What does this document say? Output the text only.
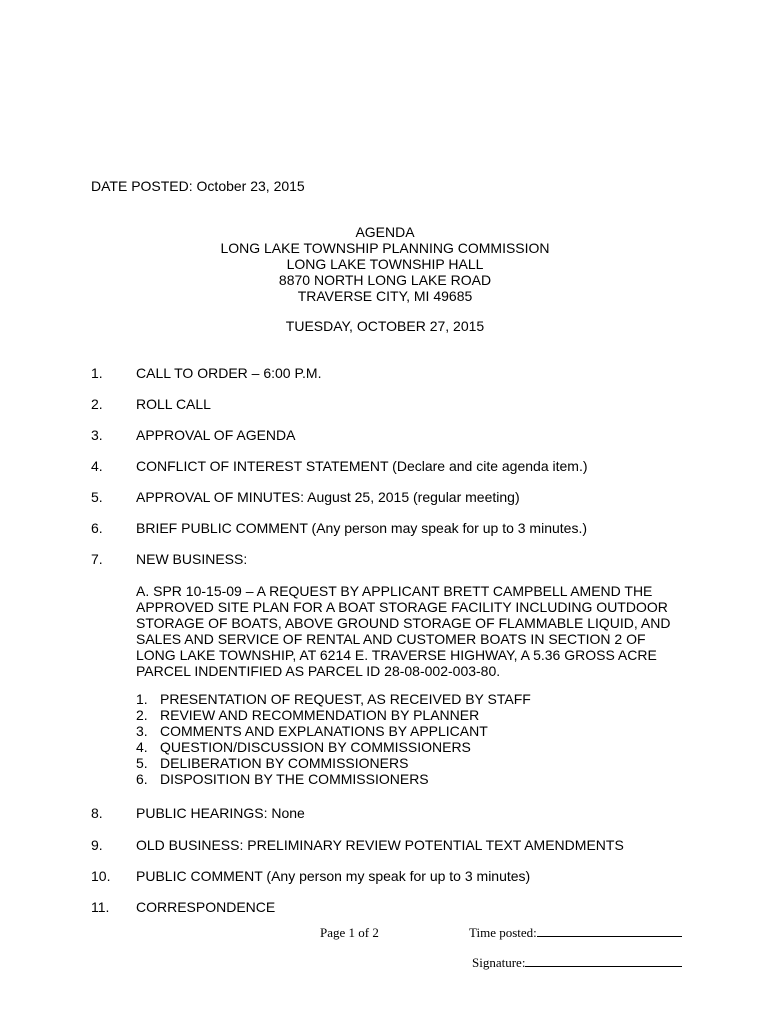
DATE POSTED: October 23, 2015
AGENDA
LONG LAKE TOWNSHIP PLANNING COMMISSION
LONG LAKE TOWNSHIP HALL
8870 NORTH LONG LAKE ROAD
TRAVERSE CITY, MI 49685
TUESDAY, OCTOBER 27, 2015
1. CALL TO ORDER – 6:00 P.M.
2. ROLL CALL
3. APPROVAL OF AGENDA
4. CONFLICT OF INTEREST STATEMENT (Declare and cite agenda item.)
5. APPROVAL OF MINUTES: August 25, 2015 (regular meeting)
6. BRIEF PUBLIC COMMENT (Any person may speak for up to 3 minutes.)
7. NEW BUSINESS:
A. SPR 10-15-09 – A REQUEST BY APPLICANT BRETT CAMPBELL AMEND THE
APPROVED SITE PLAN FOR A BOAT STORAGE FACILITY INCLUDING OUTDOOR
STORAGE OF BOATS, ABOVE GROUND STORAGE OF FLAMMABLE LIQUID, AND
SALES AND SERVICE OF RENTAL AND CUSTOMER BOATS IN SECTION 2 OF
LONG LAKE TOWNSHIP, AT 6214 E. TRAVERSE HIGHWAY, A 5.36 GROSS ACRE
PARCEL INDENTIFIED AS PARCEL ID 28-08-002-003-80.
1. PRESENTATION OF REQUEST, AS RECEIVED BY STAFF
2. REVIEW AND RECOMMENDATION BY PLANNER
3. COMMENTS AND EXPLANATIONS BY APPLICANT
4. QUESTION/DISCUSSION BY COMMISSIONERS
5. DELIBERATION BY COMMISSIONERS
6. DISPOSITION BY THE COMMISSIONERS
8. PUBLIC HEARINGS: None
9. OLD BUSINESS: PRELIMINARY REVIEW POTENTIAL TEXT AMENDMENTS
10. PUBLIC COMMENT (Any person my speak for up to 3 minutes)
11. CORRESPONDENCE
Page 1 of 2	Time posted:
Signature:
